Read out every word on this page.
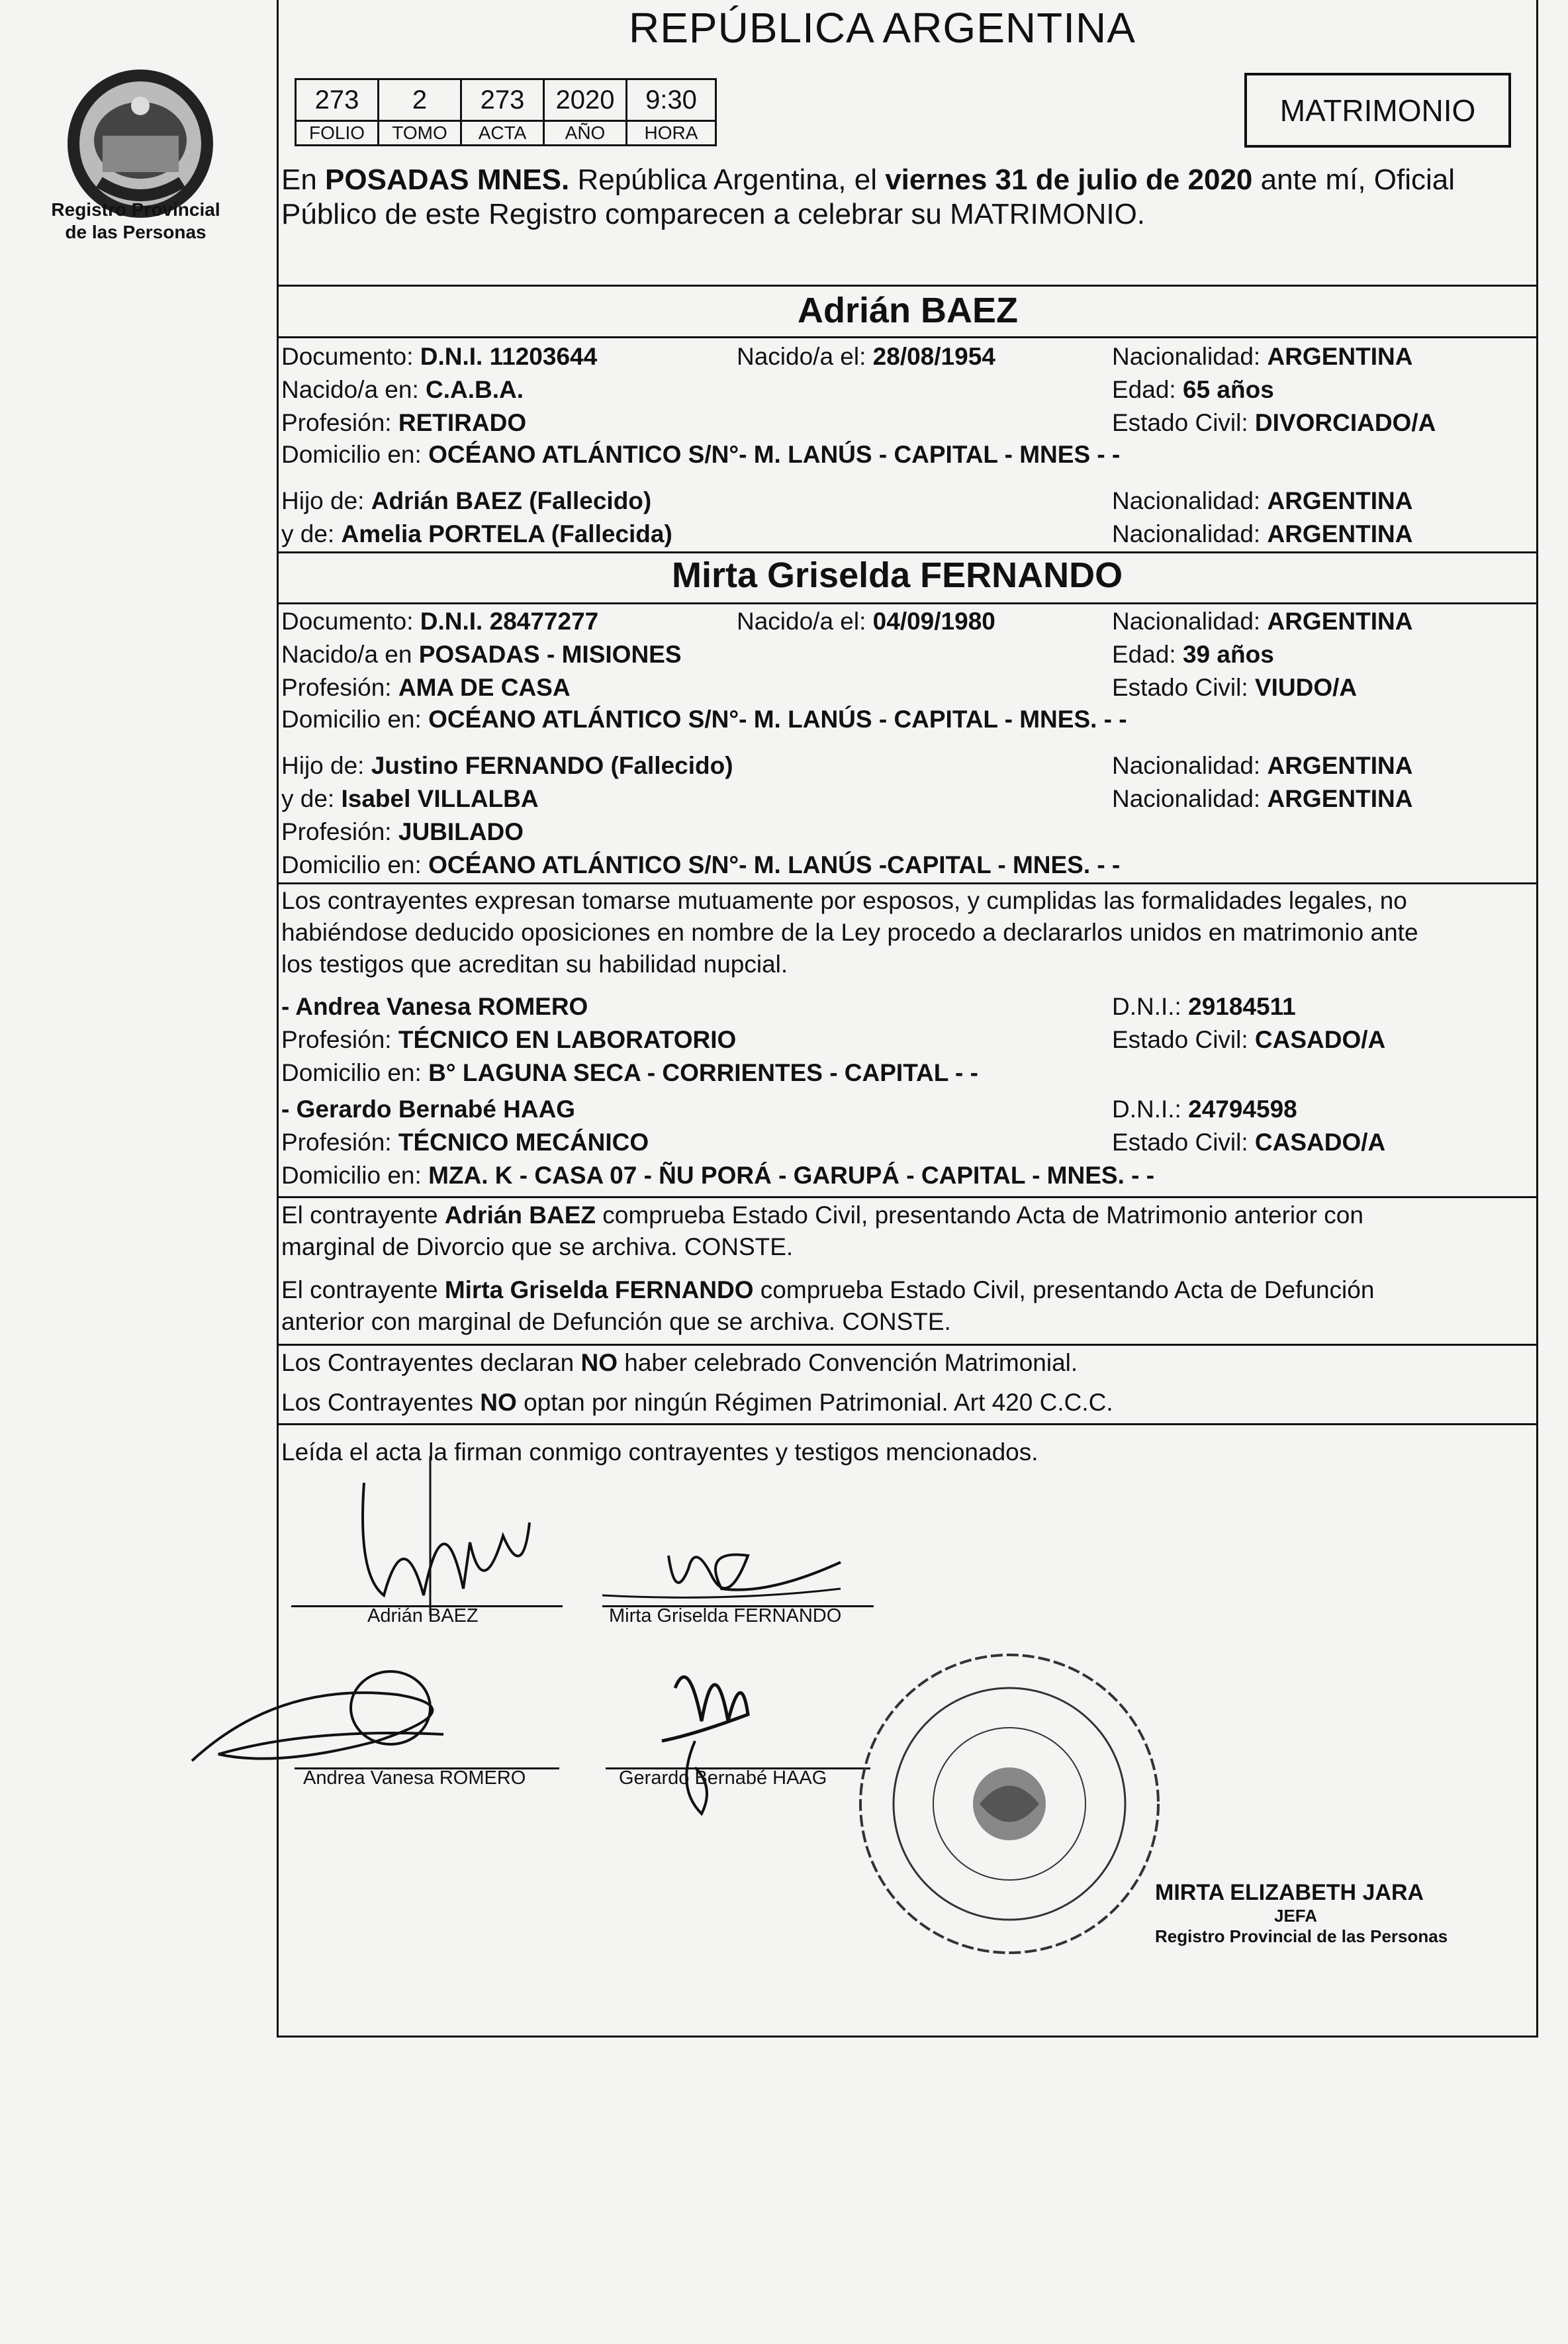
Registro Provincial
de las Personas
REPÚBLICA ARGENTINA
273	2	273	2020	9:30
FOLIO	TOMO	ACTA	AÑO	HORA
MATRIMONIO
En POSADAS MNES. República Argentina, el viernes 31 de julio de 2020 ante mí, Oficial
Público de este Registro comparecen a celebrar su MATRIMONIO.
Adrián BAEZ
Documento: D.N.I. 11203644	Nacido/a el: 28/08/1954	Nacionalidad: ARGENTINA
Nacido/a en: C.A.B.A.	Edad: 65 años
Profesión: RETIRADO	Estado Civil: DIVORCIADO/A
Domicilio en: OCÉANO ATLÁNTICO S/N°- M. LANÚS - CAPITAL - MNES - -
Hijo de: Adrián BAEZ (Fallecido)	Nacionalidad: ARGENTINA
y de: Amelia PORTELA (Fallecida)	Nacionalidad: ARGENTINA
Mirta Griselda FERNANDO
Documento: D.N.I. 28477277	Nacido/a el: 04/09/1980	Nacionalidad: ARGENTINA
Nacido/a en POSADAS - MISIONES	Edad: 39 años
Profesión: AMA DE CASA	Estado Civil: VIUDO/A
Domicilio en: OCÉANO ATLÁNTICO S/N°- M. LANÚS - CAPITAL - MNES. - -
Hijo de: Justino FERNANDO (Fallecido)	Nacionalidad: ARGENTINA
y de: Isabel VILLALBA	Nacionalidad: ARGENTINA
Profesión: JUBILADO
Domicilio en: OCÉANO ATLÁNTICO S/N°- M. LANÚS -CAPITAL - MNES. - -
Los contrayentes expresan tomarse mutuamente por esposos, y cumplidas las formalidades legales, no
habiéndose deducido oposiciones en nombre de la Ley procedo a declararlos unidos en matrimonio ante
los testigos que acreditan su habilidad nupcial.
- Andrea Vanesa ROMERO	D.N.I.: 29184511
Profesión: TÉCNICO EN LABORATORIO	Estado Civil: CASADO/A
Domicilio en: B° LAGUNA SECA - CORRIENTES - CAPITAL - -
- Gerardo Bernabé HAAG	D.N.I.: 24794598
Profesión: TÉCNICO MECÁNICO	Estado Civil: CASADO/A
Domicilio en: MZA. K - CASA 07 - ÑU PORÁ - GARUPÁ - CAPITAL - MNES. - -
El contrayente Adrián BAEZ comprueba Estado Civil, presentando Acta de Matrimonio anterior con
marginal de Divorcio que se archiva. CONSTE.
El contrayente Mirta Griselda FERNANDO comprueba Estado Civil, presentando Acta de Defunción
anterior con marginal de Defunción que se archiva. CONSTE.
Los Contrayentes declaran NO haber celebrado Convención Matrimonial.
Los Contrayentes NO optan por ningún Régimen Patrimonial. Art 420 C.C.C.
Leída el acta la firman conmigo contrayentes y testigos mencionados.
Adrián BAEZ	Mirta Griselda FERNANDO
Andrea Vanesa ROMERO	Gerardo Bernabé HAAG
MIRTA ELIZABETH JARA
JEFA
Registro Provincial de las Personas
